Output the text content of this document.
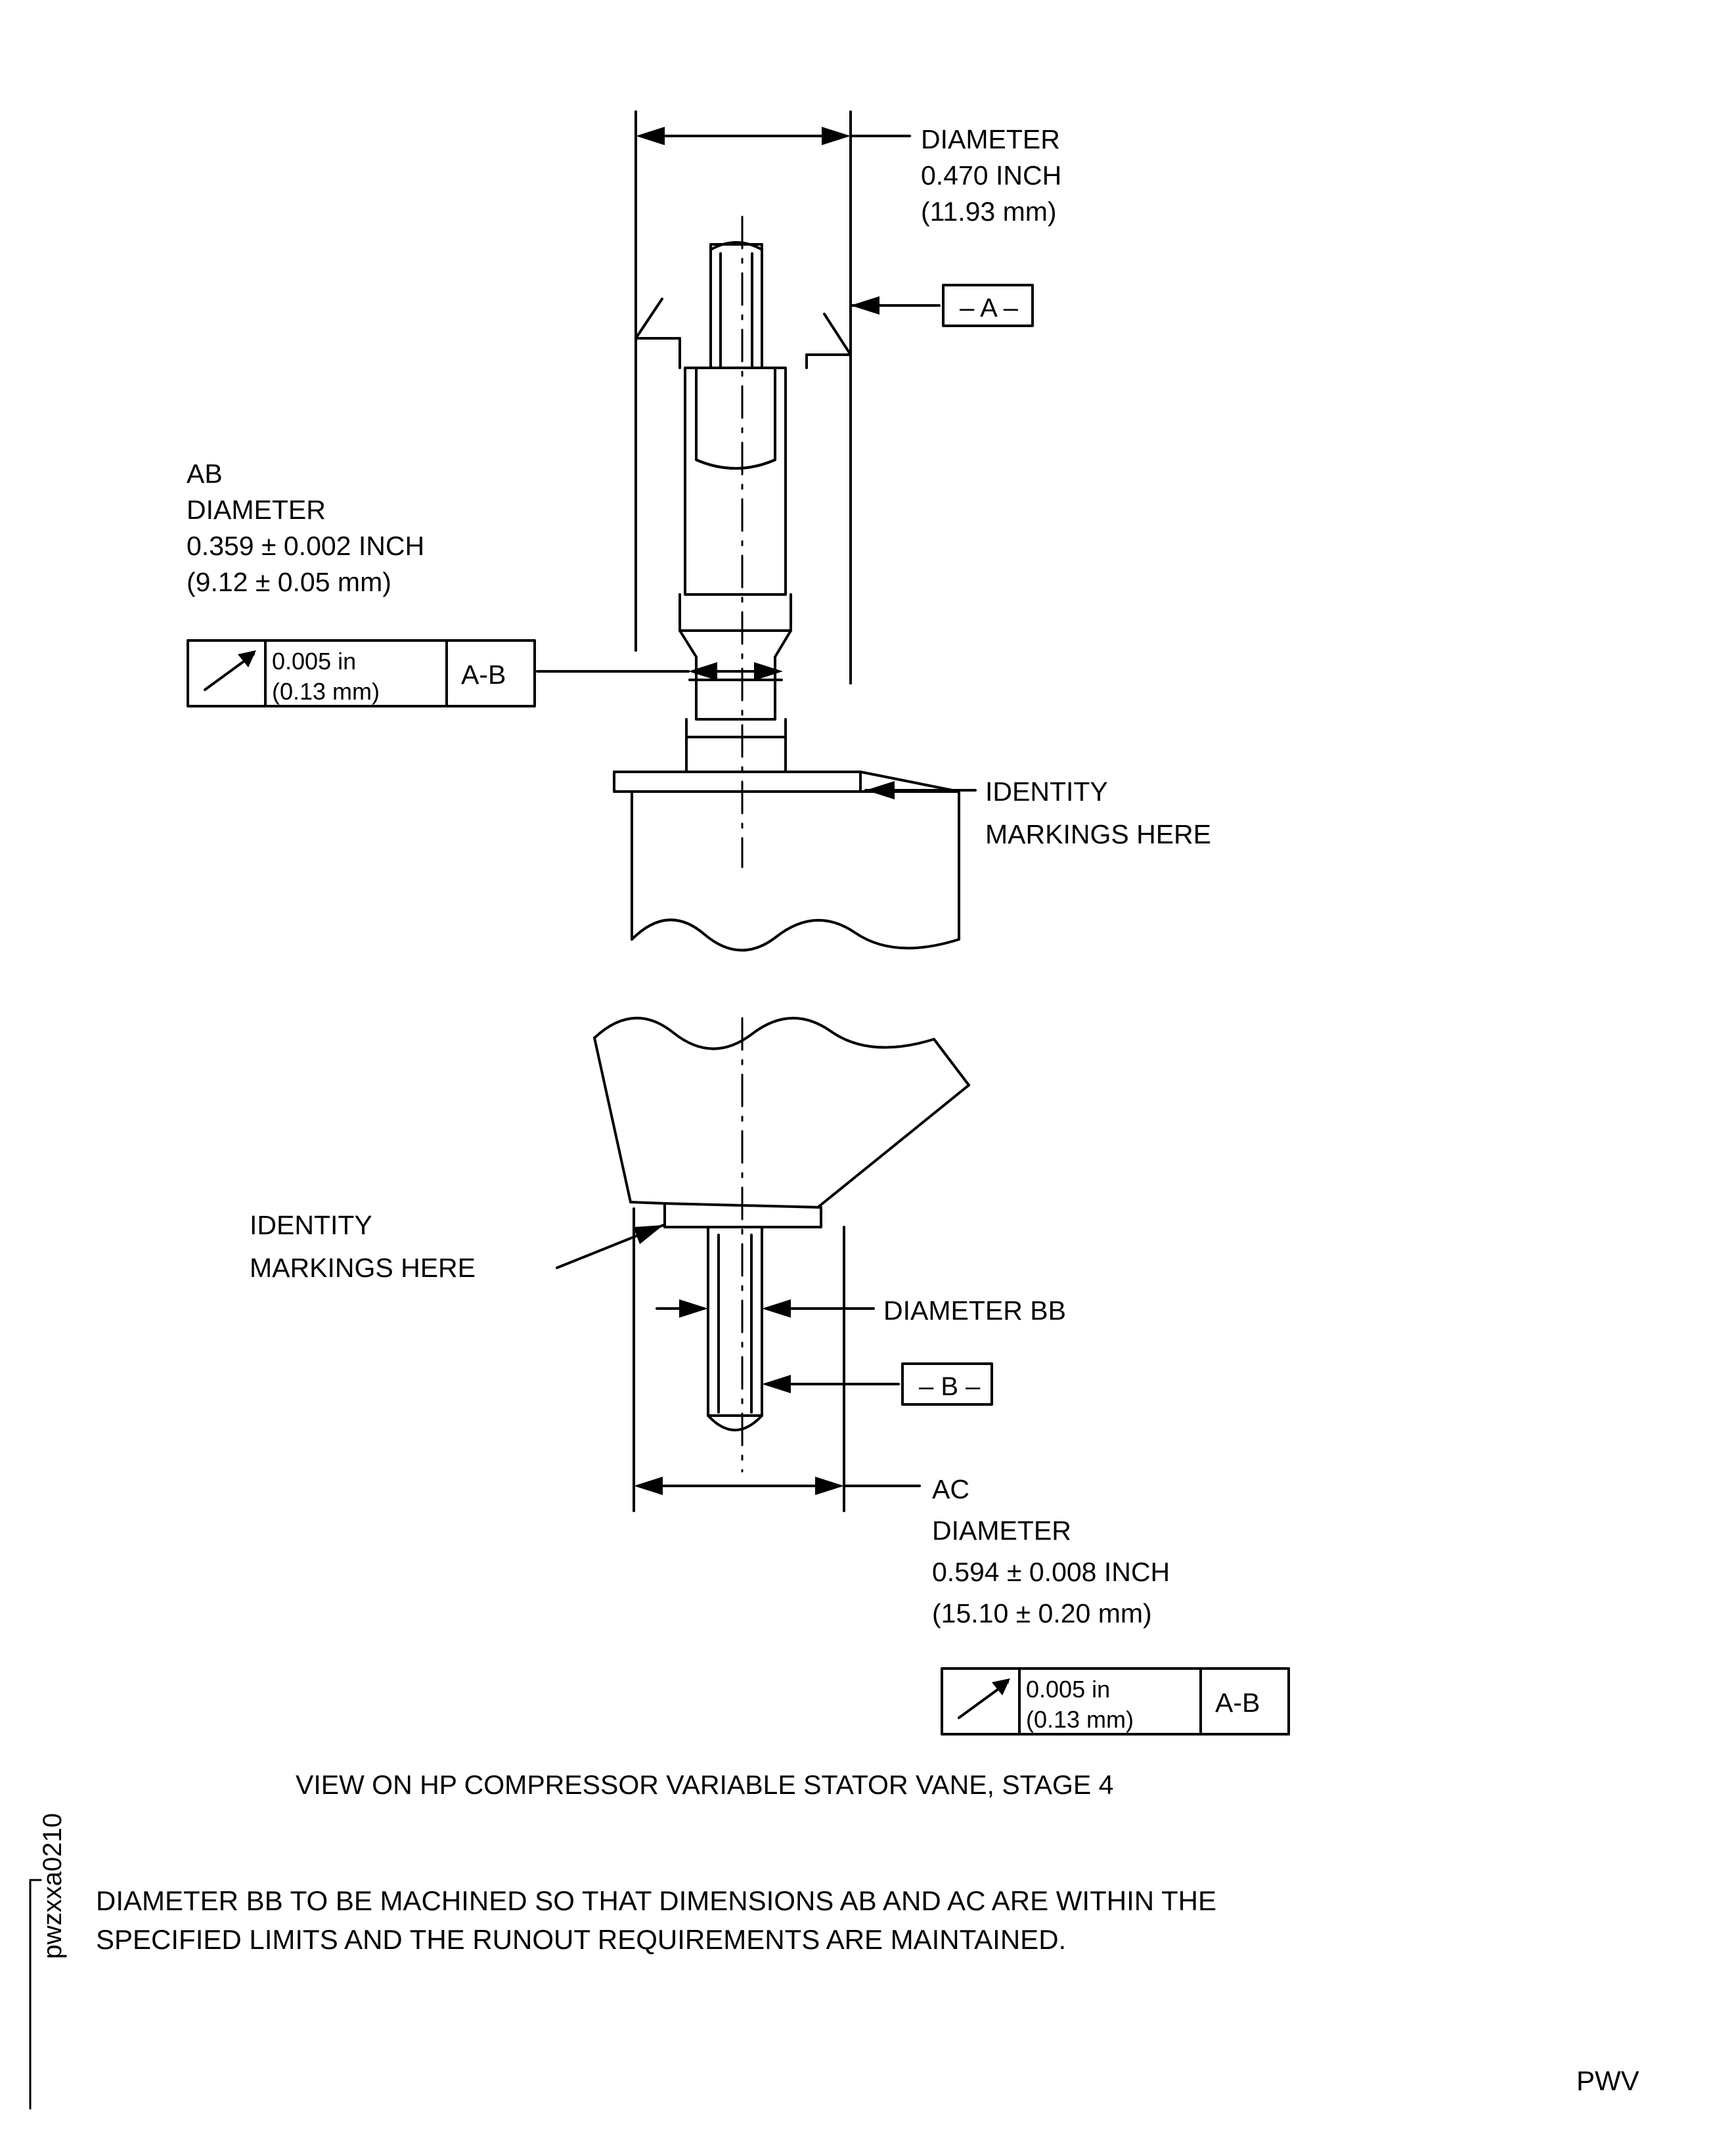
DIAMETER
0.470 INCH
(11.93 mm)
– A –
AB
DIAMETER
0.359 ± 0.002 INCH
(9.12 ± 0.05 mm)
0.005 in
(0.13 mm)
A-B
IDENTITY
MARKINGS HERE
IDENTITY
MARKINGS HERE
DIAMETER BB
– B –
AC
DIAMETER
0.594 ± 0.008 INCH
(15.10 ± 0.20 mm)
0.005 in
(0.13 mm)
A-B
VIEW ON HP COMPRESSOR VARIABLE STATOR VANE, STAGE 4
DIAMETER BB TO BE MACHINED SO THAT DIMENSIONS AB AND AC ARE WITHIN THE
SPECIFIED LIMITS AND THE RUNOUT REQUIREMENTS ARE MAINTAINED.
pwzxxa0210
PWV
